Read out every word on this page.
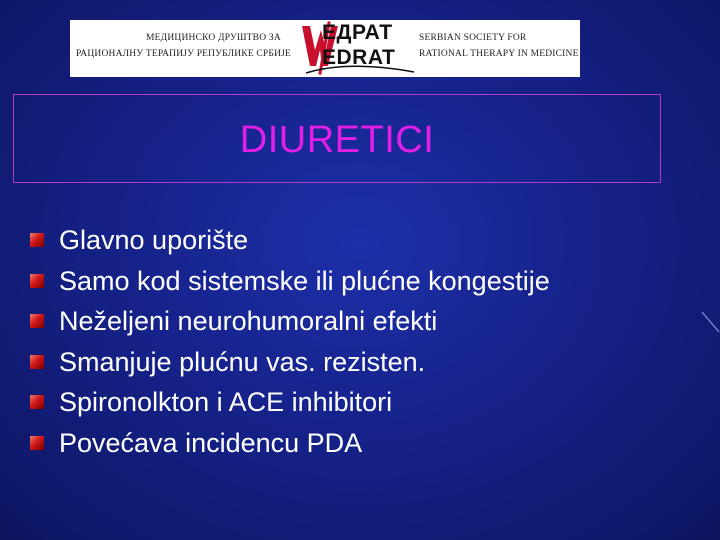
МЕДИЦИНСКО ДРУШТВО ЗА
РАЦИОНАЛНУ ТЕРАПИЈУ РЕПУБЛИКЕ СРБИЈЕ
ЕДРАТ
EDRAT
SERBIAN SOCIETY FOR
RATIONAL THERAPY IN MEDICINE
DIURETICI
Glavno uporište
Samo kod sistemske ili plućne kongestije
Neželjeni neurohumoralni efekti
Smanjuje plućnu vas. rezisten.
Spironolkton i ACE inhibitori
Povećava incidencu PDA
